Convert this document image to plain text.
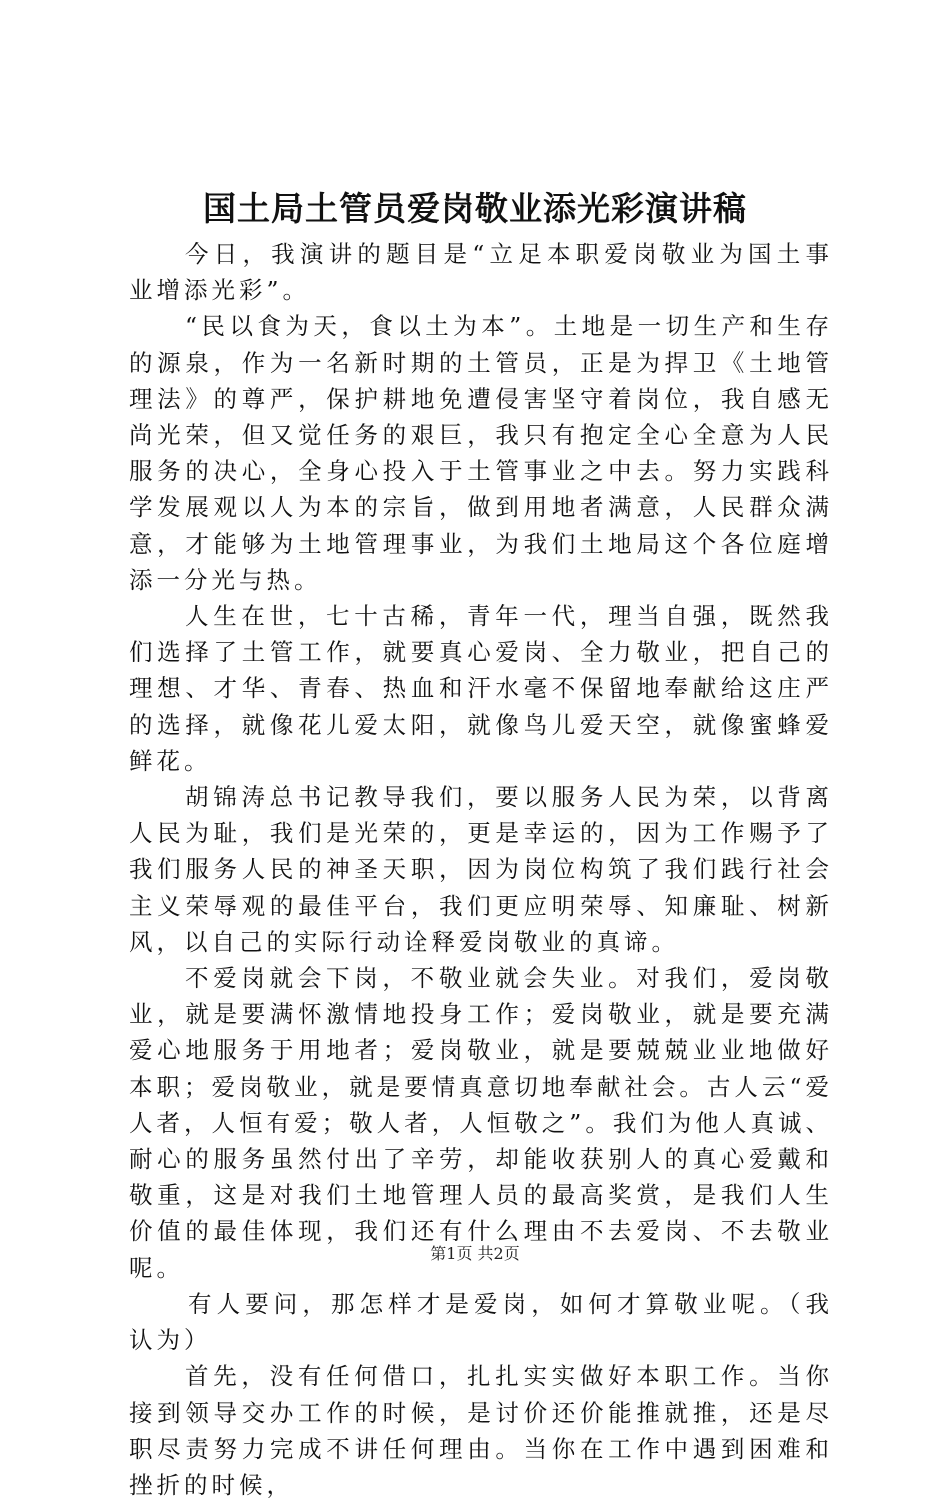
国土局土管员爱岗敬业添光彩演讲稿

今日，我演讲的题目是“立足本职爱岗敬业为国土事业增添光彩”。

“民以食为天，食以土为本”。土地是一切生产和生存的源泉，作为一名新时期的土管员，正是为捍卫《土地管理法》的尊严，保护耕地免遭侵害坚守着岗位，我自感无尚光荣，但又觉任务的艰巨，我只有抱定全心全意为人民服务的决心，全身心投入于土管事业之中去。努力实践科学发展观以人为本的宗旨，做到用地者满意，人民群众满意，才能够为土地管理事业，为我们土地局这个各位庭增添一分光与热。

人生在世，七十古稀，青年一代，理当自强，既然我们选择了土管工作，就要真心爱岗、全力敬业，把自己的理想、才华、青春、热血和汗水毫不保留地奉献给这庄严的选择，就像花儿爱太阳，就像鸟儿爱天空，就像蜜蜂爱鲜花。

胡锦涛总书记教导我们，要以服务人民为荣，以背离人民为耻，我们是光荣的，更是幸运的，因为工作赐予了我们服务人民的神圣天职，因为岗位构筑了我们践行社会主义荣辱观的最佳平台，我们更应明荣辱、知廉耻、树新风，以自己的实际行动诠释爱岗敬业的真谛。

不爱岗就会下岗，不敬业就会失业。对我们，爱岗敬业，就是要满怀激情地投身工作；爱岗敬业，就是要充满爱心地服务于用地者；爱岗敬业，就是要兢兢业业地做好本职；爱岗敬业，就是要情真意切地奉献社会。古人云“爱人者，人恒有爱；敬人者，人恒敬之”。我们为他人真诚、耐心的服务虽然付出了辛劳，却能收获别人的真心爱戴和敬重，这是对我们土地管理人员的最高奖赏，是我们人生价值的最佳体现，我们还有什么理由不去爱岗、不去敬业呢。

有人要问，那怎样才是爱岗，如何才算敬业呢。（我认为）

首先，没有任何借口，扎扎实实做好本职工作。当你接到领导交办工作的时候，是讨价还价能推就推，还是尽职尽责努力完成不讲任何理由。当你在工作中遇到困难和挫折的时候，

第1页 共2页
